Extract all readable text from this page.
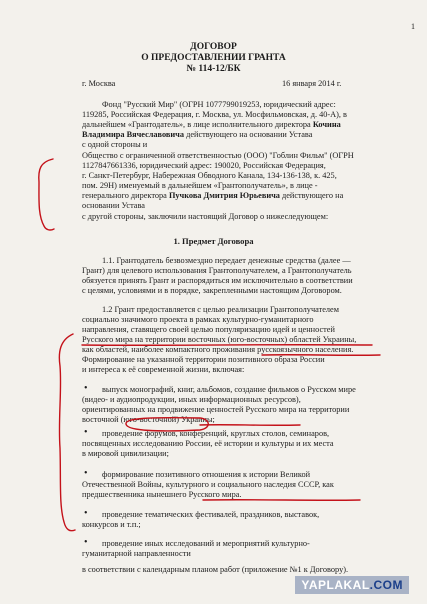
1
ДОГОВОР
О ПРЕДОСТАВЛЕНИИ ГРАНТА
№ 114-12/БК
г. Москва	16 января 2014 г.
Фонд "Русский Мир" (ОГРН 1077799019253, юридический адрес:
119285, Российская Федерация, г. Москва, ул. Мосфильмовская, д. 40-А), в
дальнейшем «Грантодатель», в лице исполнительного директора Кочина
Владимира Вячеславовича действующего на основании Устава
с одной стороны и
Общество с ограниченной ответственностью (ООО) "Гоблин Фильм" (ОГРН
1127847661336, юридический адрес: 190020, Российская Федерация,
г. Санкт-Петербург, Набережная Обводного Канала, 134-136-138, к. 425,
пом. 29Н) именуемый в дальнейшем «Грантополучатель», в лице -
генерального директора Пучкова Дмитрия Юрьевича действующего на
основании Устава
с другой стороны, заключили настоящий Договор о нижеследующем:
1. Предмет Договора
1.1. Грантодатель безвозмездно передает денежные средства (далее —
Грант) для целевого использования Грантополучателем, а Грантополучатель
обязуется принять Грант и распорядиться им исключительно в соответствии
с целями, условиями и в порядке, закрепленными настоящим Договором.
1.2 Грант предоставляется с целью реализации Грантополучателем
социально значимого проекта в рамках культурно-гуманитарного
направления, ставящего своей целью популяризацию идей и ценностей
Русского мира на территории восточных (юго-восточных) областей Украины,
как областей, наиболее компактного проживания русскоязычного населения.
Формирование на указанной территории позитивного образа России
и интереса к её современной жизни, включая:
• выпуск монографий, книг, альбомов, создание фильмов о Русском мире
(видео- и аудиопродукции, иных информационных ресурсов),
ориентированных на продвижение ценностей Русского мира на территории
восточной (юго-восточной) Украины;
• проведение форумов, конференций, круглых столов, семинаров,
посвященных исследованию России, её истории и культуры и их места
в мировой цивилизации;
• формирование позитивного отношения к истории Великой
Отечественной Войны, культурного и социального наследия СССР, как
предшественника нынешнего Русского мира.
• проведение тематических фестивалей, праздников, выставок,
конкурсов и т.п.;
• проведение иных исследований и мероприятий культурно-
гуманитарной направленности
в соответствии с календарным планом работ (приложение №1 к Договору).
YAPLAKAL.COM
